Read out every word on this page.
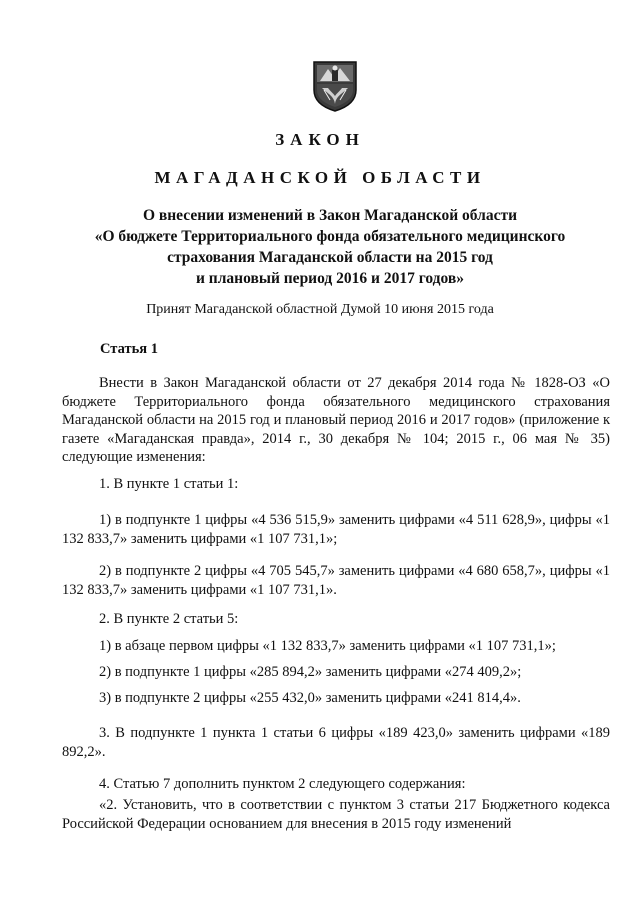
ЗАКОН
МАГАДАНСКОЙ ОБЛАСТИ
О внесении изменений в Закон Магаданской области
«О бюджете Территориального фонда обязательного медицинского
страхования Магаданской области на 2015 год
и плановый период 2016 и 2017 годов»
Принят Магаданской областной Думой 10 июня 2015 года
Статья 1
Внести в Закон Магаданской области от 27 декабря 2014 года № 1828-ОЗ «О бюджете Территориального фонда обязательного медицинского страхования Магаданской области на 2015 год и плановый период 2016 и 2017 годов» (приложение к газете «Магаданская правда», 2014 г., 30 декабря № 104; 2015 г., 06 мая № 35) следующие изменения:
1. В пункте 1 статьи 1:
1) в подпункте 1 цифры «4 536 515,9» заменить цифрами «4 511 628,9», цифры «1 132 833,7» заменить цифрами «1 107 731,1»;
2) в подпункте 2 цифры «4 705 545,7» заменить цифрами «4 680 658,7», цифры «1 132 833,7» заменить цифрами «1 107 731,1».
2. В пункте 2 статьи 5:
1) в абзаце первом цифры «1 132 833,7» заменить цифрами «1 107 731,1»;
2) в подпункте 1 цифры «285 894,2» заменить цифрами «274 409,2»;
3) в подпункте 2 цифры «255 432,0» заменить цифрами «241 814,4».
3. В подпункте 1 пункта 1 статьи 6 цифры «189 423,0» заменить цифрами «189 892,2».
4. Статью 7 дополнить пунктом 2 следующего содержания:
«2. Установить, что в соответствии с пунктом 3 статьи 217 Бюджетного кодекса Российской Федерации основанием для внесения в 2015 году изменений
